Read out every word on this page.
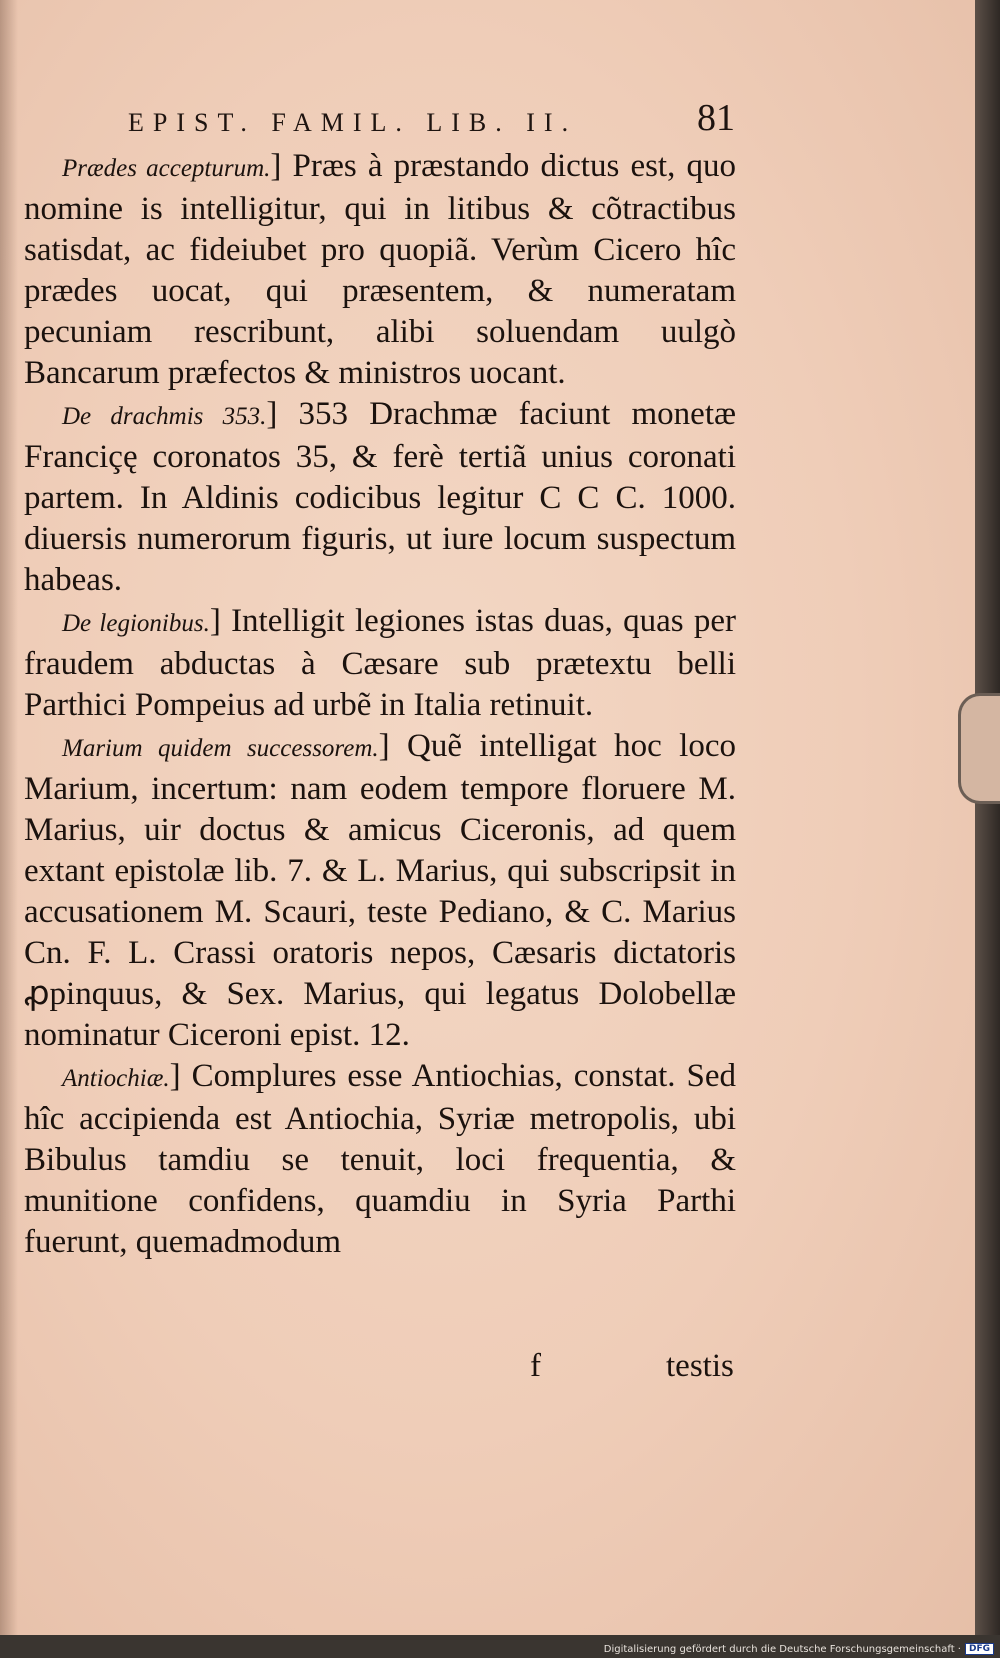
EPIST. FAMIL. LIB. II.	81

Prædes accepturum.] Præs à præstando dictus est, quo nomine is intelligitur, qui in litibus & cõtractibus satisdat, ac fideiubet pro quopiã. Verùm Cicero hîc prædes uocat, qui præsentem, & numeratam pecuniam rescribunt, alibi soluendam uulgò Bancarum præfectos & ministros uocant.

De drachmis 353.] 353 Drachmæ faciunt monetæ Franciçę coronatos 35, & ferè tertiã unius coronati partem. In Aldinis codicibus legitur C C C. 1000. diuersis numerorum figuris, ut iure locum suspectum habeas.

De legionibus.] Intelligit legiones istas duas, quas per fraudem abductas à Cæsare sub prætextu belli Parthici Pompeius ad urbẽ in Italia retinuit.

Marium quidem successorem.] Quẽ intelligat hoc loco Marium, incertum: nam eodem tempore floruere M. Marius, uir doctus & amicus Ciceronis, ad quem extant epistolæ lib. 7. & L. Marius, qui subscripsit in accusationem M. Scauri, teste Pediano, & C. Marius Cn. F. L. Crassi oratoris nepos, Cæsaris dictatoris ꝓpinquus, & Sex. Marius, qui legatus Dolobellæ nominatur Ciceroni epist. 12.

Antiochiæ.] Complures esse Antiochias, constat. Sed hîc accipienda est Antiochia, Syriæ metropolis, ubi Bibulus tamdiu se tenuit, loci frequentia, & munitione confidens, quamdiu in Syria Parthi fuerunt, quemadmodum

f	testis
Digitalisierung gefördert durch die Deutsche Forschungsgemeinschaft · DFG
